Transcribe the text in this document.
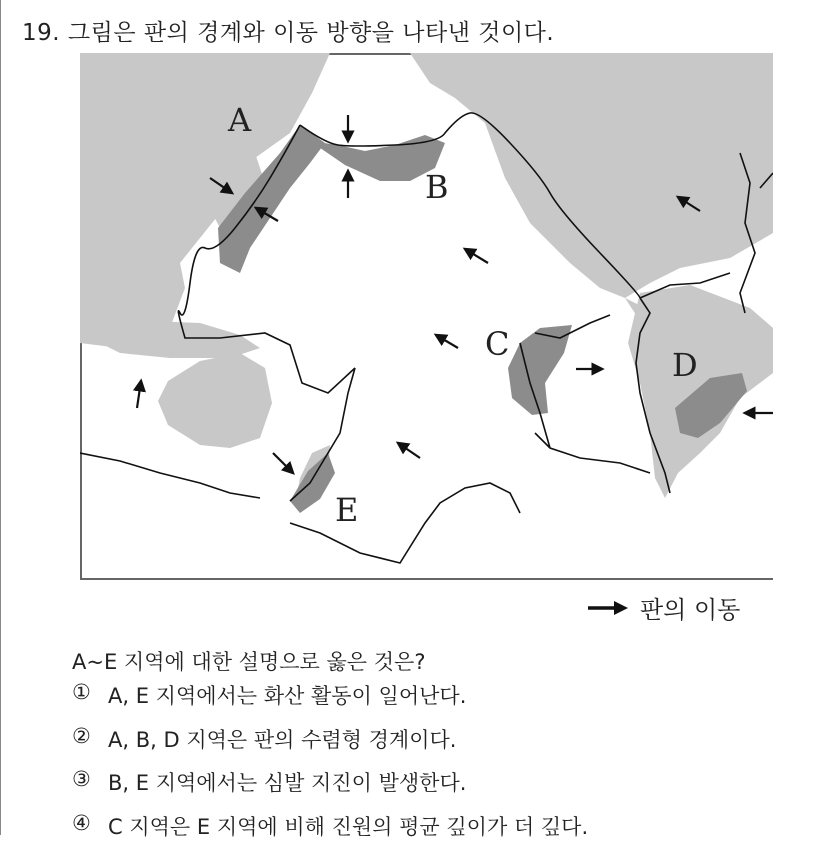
19. 그림은 판의 경계와 이동 방향을 나타낸 것이다.
A
B
C
D
E
판의 이동
A~E 지역에 대한 설명으로 옳은 것은?
① A, E 지역에서는 화산 활동이 일어난다.
② A, B, D 지역은 판의 수렴형 경계이다.
③ B, E 지역에서는 심발 지진이 발생한다.
④ C 지역은 E 지역에 비해 진원의 평균 깊이가 더 깊다.
